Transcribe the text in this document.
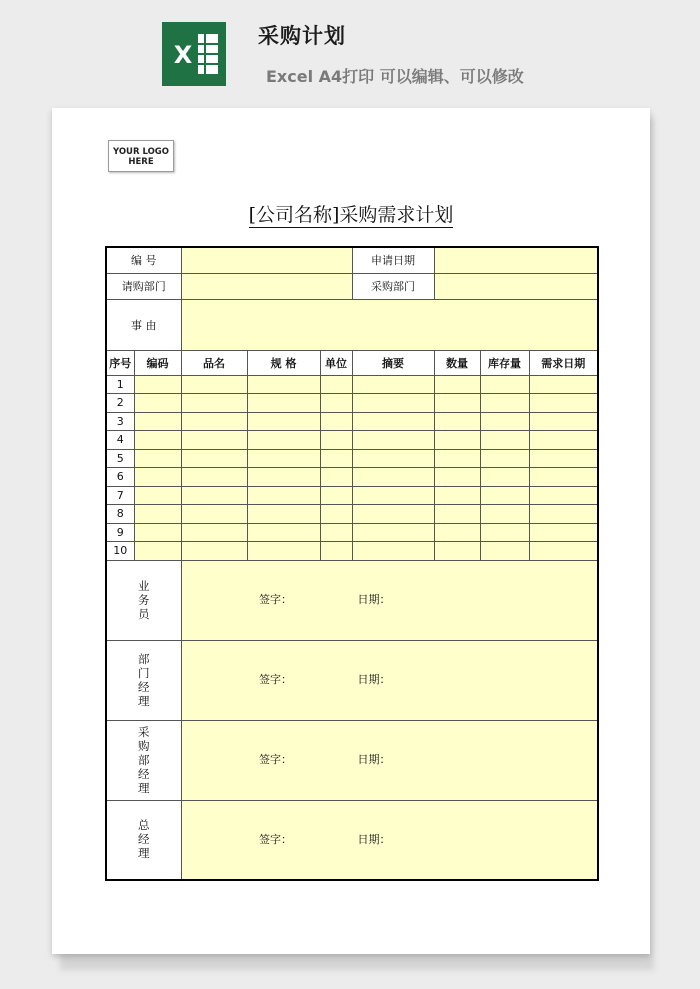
X
采购计划
Excel A4打印 可以编辑、可以修改
YOUR LOGO
HERE
[公司名称]采购需求计划
编 号					申请日期			
请购部门					采购部门			
事 由								
序号	编码	品名	规 格	单位	摘要	数量	库存量	需求日期
1								
2								
3								
4								
5								
6								
7								
8								
9								
10								
业务员		签字： 日期：						

部门经理		签字： 日期：						

采购部经理		签字： 日期：						

总经理		签字： 日期：						
